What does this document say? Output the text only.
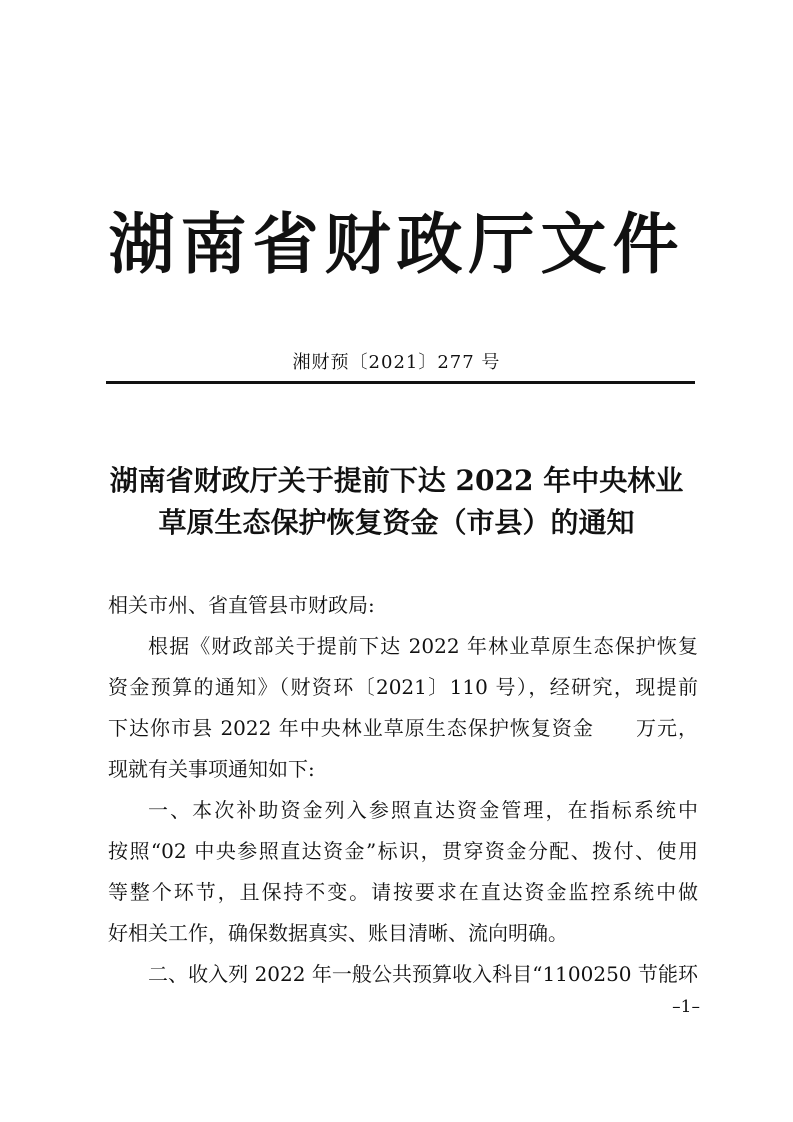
湖南省财政厅文件
湘财预〔2021〕277 号
湖南省财政厅关于提前下达 2022 年中央林业
草原生态保护恢复资金（市县）的通知
相关市州、省直管县市财政局:
根据《财政部关于提前下达 2022 年林业草原生态保护恢复
资金预算的通知》（财资环〔2021〕110 号），经研究，现提前
下达你市县 2022 年中央林业草原生态保护恢复资金　　万元，
现就有关事项通知如下:
一、本次补助资金列入参照直达资金管理，在指标系统中
按照“02 中央参照直达资金”标识，贯穿资金分配、拨付、使用
等整个环节，且保持不变。请按要求在直达资金监控系统中做
好相关工作，确保数据真实、账目清晰、流向明确。
二、收入列 2022 年一般公共预算收入科目“1100250 节能环
–1–
